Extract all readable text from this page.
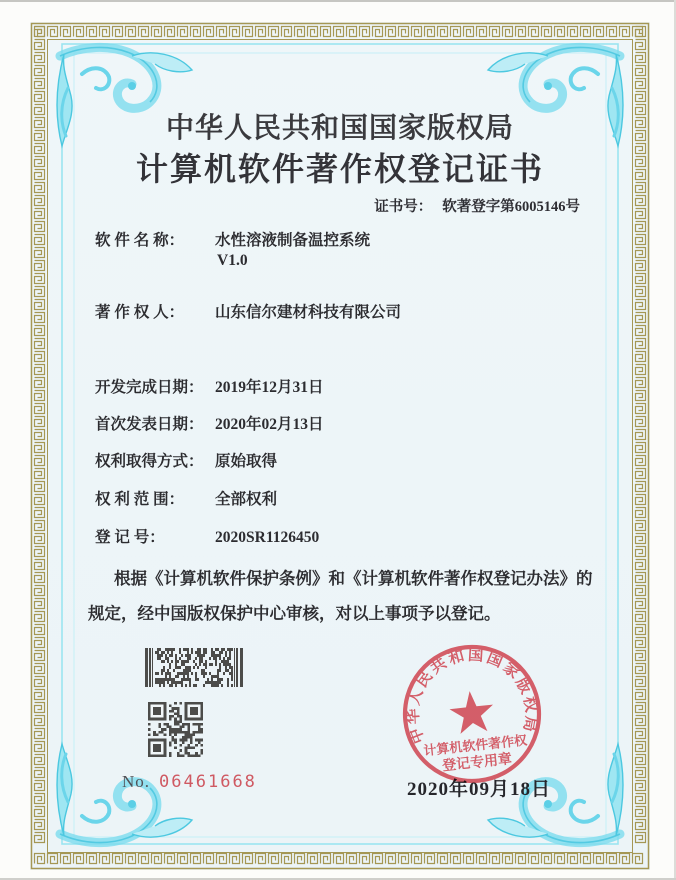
中华人民共和国国家版权局
计算机软件著作权登记证书
证书号： 软著登字第6005146号
软 件 名 称： 水性溶液制备温控系统
V1.0
著 作 权 人： 山东信尔建材科技有限公司
开发完成日期： 2019年12月31日
首次发表日期： 2020年02月13日
权利取得方式： 原始取得
权 利 范 围： 全部权利
登 记 号：	2020SR1126450
根据《计算机软件保护条例》和《计算机软件著作权登记办法》的
规定，经中国版权保护中心审核，对以上事项予以登记。
No. 06461668	2020年09月18日
中华人民共和国国家版权局
计算机软件著作权
登记专用章
